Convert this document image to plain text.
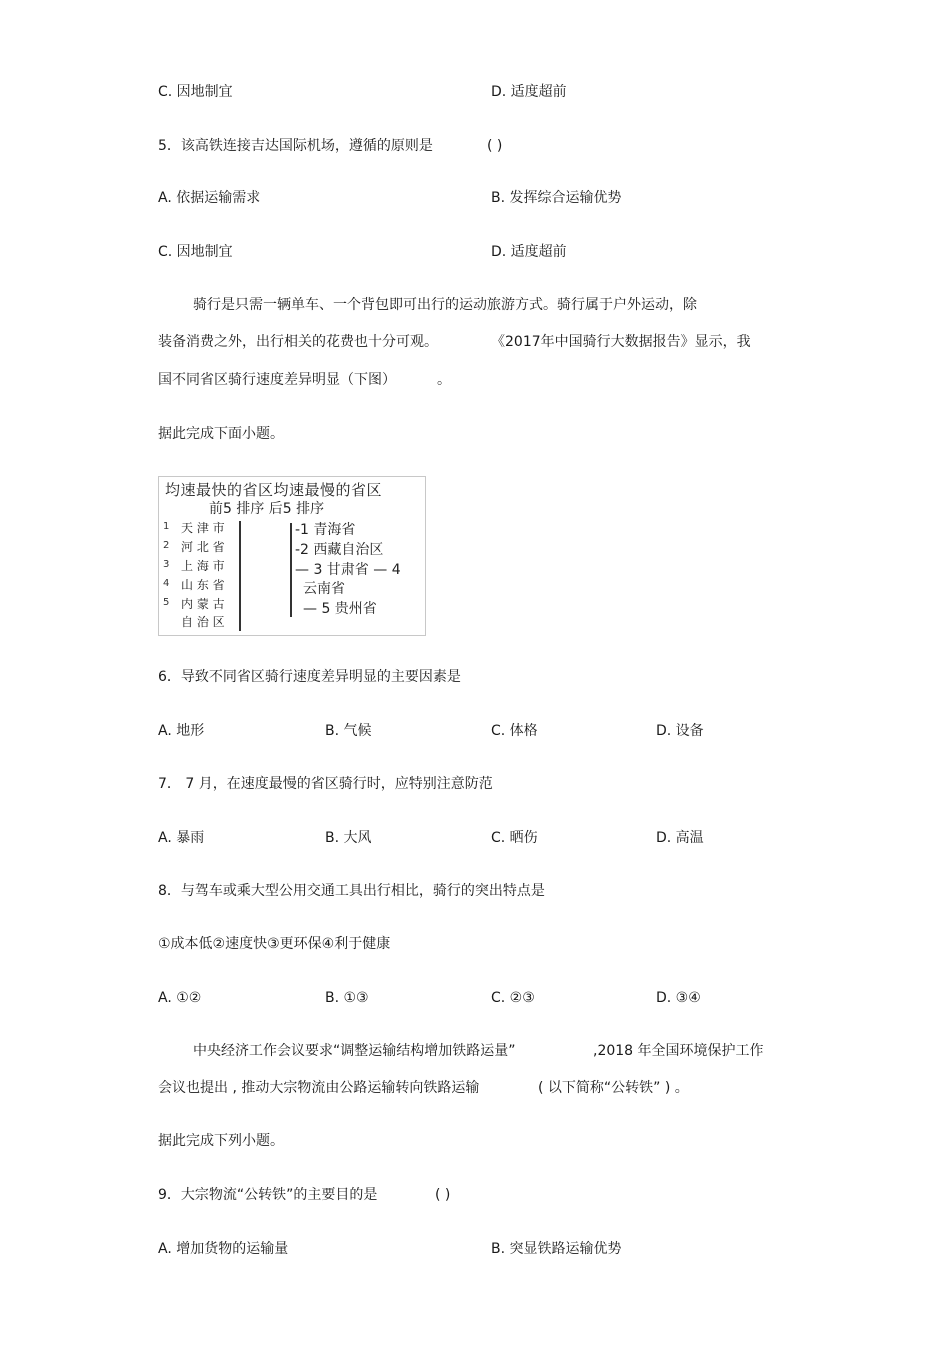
C. 因地制宜	D. 适度超前
5．该高铁连接吉达国际机场，遵循的原则是	( )
A. 依据运输需求	B. 发挥综合运输优势
C. 因地制宜	D. 适度超前
骑行是只需一辆单车、一个背包即可出行的运动旅游方式。骑行属于户外运动，除
装备消费之外，出行相关的花费也十分可观。	《2017年中国骑行大数据报告》显示，我
国不同省区骑行速度差异明显（下图）	。
据此完成下面小题。
均速最快的省区均速最慢的省区
前5 排序 后5 排序
1
2
3
4
5
天 津 市
河 北 省
上 海 市
山 东 省
内 蒙 古
自 治 区
-1 青海省
-2 西藏自治区
— 3 甘肃省 — 4
云南省
— 5 贵州省
6．导致不同省区骑行速度差异明显的主要因素是
A. 地形	B. 气候	C. 体格	D. 设备
7． 7 月，在速度最慢的省区骑行时，应特别注意防范
A. 暴雨	B. 大风	C. 晒伤	D. 高温
8．与驾车或乘大型公用交通工具出行相比，骑行的突出特点是
①成本低②速度快③更环保④利于健康
A. ①②	B. ①③	C. ②③	D. ③④
中央经济工作会议要求“调整运输结构增加铁路运量”	,2018 年全国环境保护工作
会议也提出 , 推动大宗物流由公路运输转向铁路运输	( 以下简称“公转铁” ) 。
据此完成下列小题。
9．大宗物流“公转铁”的主要目的是	( )
A. 增加货物的运输量	B. 突显铁路运输优势
